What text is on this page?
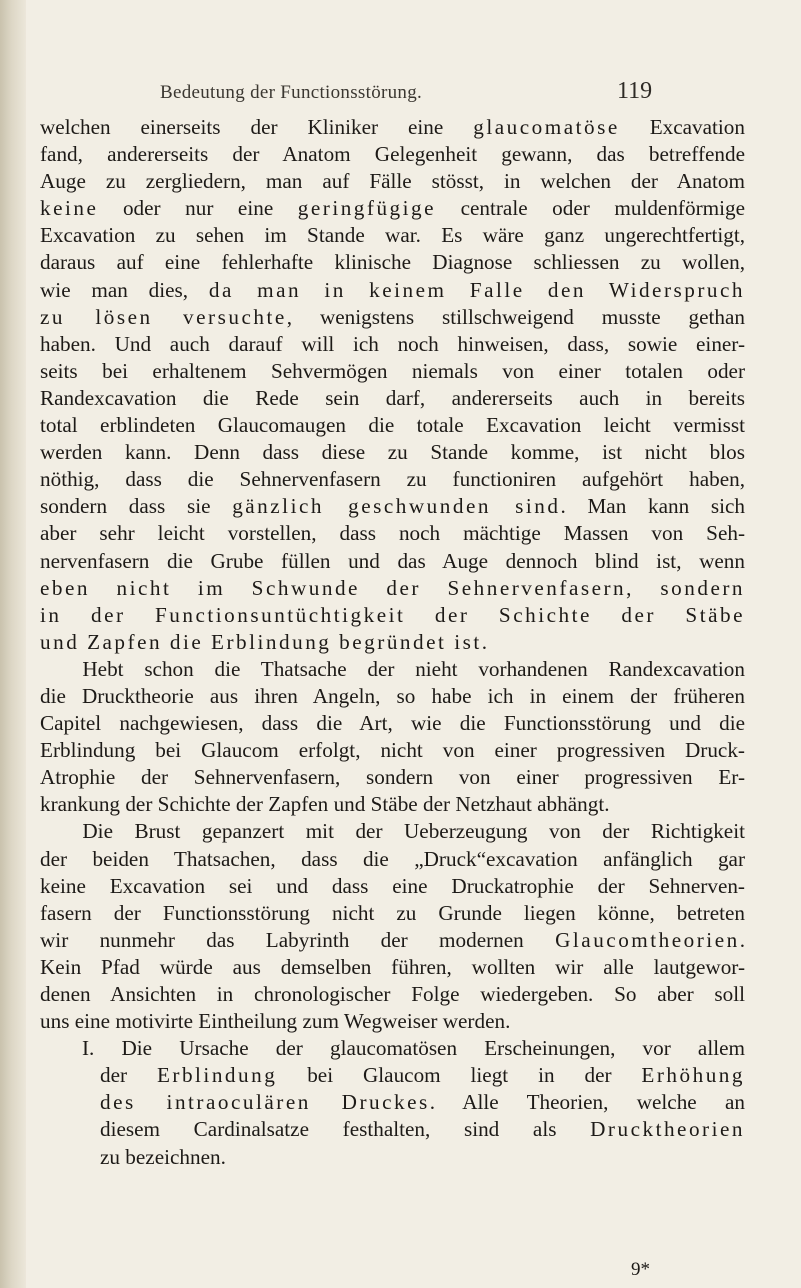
Bedeutung der Functionsstörung.	119
welchen einerseits der Kliniker eine glaucomatöse Excavation
fand, andererseits der Anatom Gelegenheit gewann, das betreffende
Auge zu zergliedern, man auf Fälle stösst, in welchen der Anatom
keine oder nur eine geringfügige centrale oder muldenförmige
Excavation zu sehen im Stande war. Es wäre ganz ungerechtfertigt,
daraus auf eine fehlerhafte klinische Diagnose schliessen zu wollen,
wie man dies, da man in keinem Falle den Widerspruch
zu lösen versuchte, wenigstens stillschweigend musste gethan
haben. Und auch darauf will ich noch hinweisen, dass, sowie einer-
seits bei erhaltenem Sehvermögen niemals von einer totalen oder
Randexcavation die Rede sein darf, andererseits auch in bereits
total erblindeten Glaucomaugen die totale Excavation leicht vermisst
werden kann. Denn dass diese zu Stande komme, ist nicht blos
nöthig, dass die Sehnervenfasern zu functioniren aufgehört haben,
sondern dass sie gänzlich geschwunden sind. Man kann sich
aber sehr leicht vorstellen, dass noch mächtige Massen von Seh-
nervenfasern die Grube füllen und das Auge dennoch blind ist, wenn
eben nicht im Schwunde der Sehnervenfasern, sondern
in der Functionsuntüchtigkeit der Schichte der Stäbe
und Zapfen die Erblindung begründet ist.
  Hebt schon die Thatsache der nieht vorhandenen Randexcavation
die Drucktheorie aus ihren Angeln, so habe ich in einem der früheren
Capitel nachgewiesen, dass die Art, wie die Functionsstörung und die
Erblindung bei Glaucom erfolgt, nicht von einer progressiven Druck-
Atrophie der Sehnervenfasern, sondern von einer progressiven Er-
krankung der Schichte der Zapfen und Stäbe der Netzhaut abhängt.
  Die Brust gepanzert mit der Ueberzeugung von der Richtigkeit
der beiden Thatsachen, dass die „Druck“excavation anfänglich gar
keine Excavation sei und dass eine Druckatrophie der Sehnerven-
fasern der Functionsstörung nicht zu Grunde liegen könne, betreten
wir nunmehr das Labyrinth der modernen Glaucomtheorien.
Kein Pfad würde aus demselben führen, wollten wir alle lautgewor-
denen Ansichten in chronologischer Folge wiedergeben. So aber soll
uns eine motivirte Eintheilung zum Wegweiser werden.
I. Die Ursache der glaucomatösen Erscheinungen, vor allem
der Erblindung bei Glaucom liegt in der Erhöhung
des intraoculären Druckes. Alle Theorien, welche an
diesem Cardinalsatze festhalten, sind als Drucktheorien
zu bezeichnen.
9*
